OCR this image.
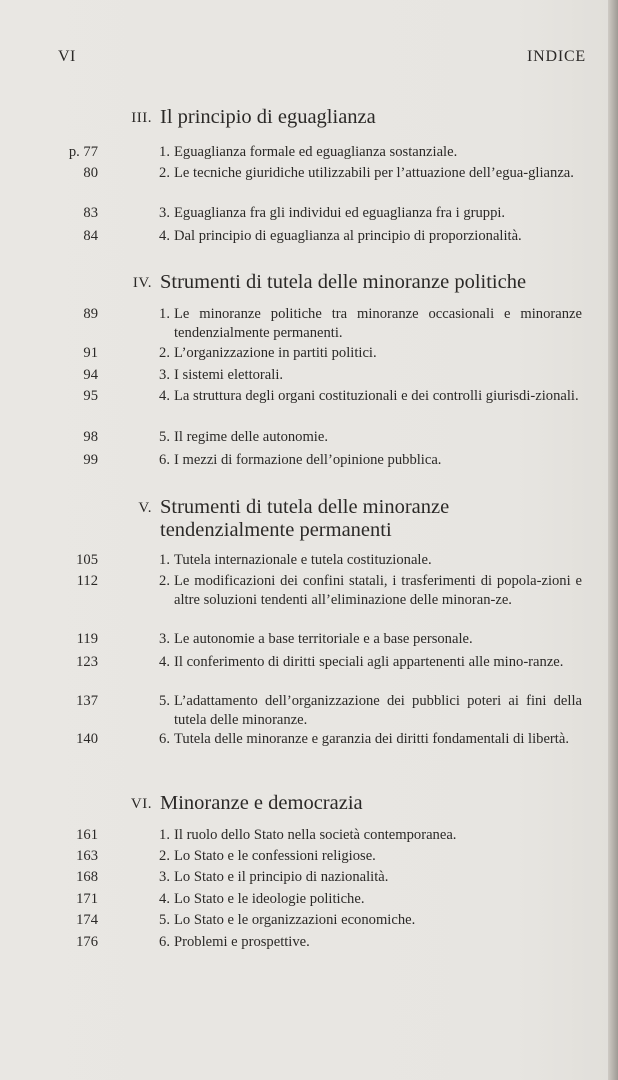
VI	INDICE
III. Il principio di eguaglianza
p. 77	1. Eguaglianza formale ed eguaglianza sostanziale.
80	2. Le tecniche giuridiche utilizzabili per l’attuazione dell’egua-glianza.
83	3. Eguaglianza fra gli individui ed eguaglianza fra i gruppi.
84	4. Dal principio di eguaglianza al principio di proporzionalità.
IV. Strumenti di tutela delle minoranze politiche
89	1. Le minoranze politiche tra minoranze occasionali e minoranze tendenzialmente permanenti.
91	2. L’organizzazione in partiti politici.
94	3. I sistemi elettorali.
95	4. La struttura degli organi costituzionali e dei controlli giurisdi-zionali.
98	5. Il regime delle autonomie.
99	6. I mezzi di formazione dell’opinione pubblica.
V. Strumenti di tutela delle minoranze tendenzialmente permanenti
105	1. Tutela internazionale e tutela costituzionale.
112	2. Le modificazioni dei confini statali, i trasferimenti di popola-zioni e altre soluzioni tendenti all’eliminazione delle minoran-ze.
119	3. Le autonomie a base territoriale e a base personale.
123	4. Il conferimento di diritti speciali agli appartenenti alle mino-ranze.
137	5. L’adattamento dell’organizzazione dei pubblici poteri ai fini della tutela delle minoranze.
140	6. Tutela delle minoranze e garanzia dei diritti fondamentali di libertà.
VI. Minoranze e democrazia
161	1. Il ruolo dello Stato nella società contemporanea.
163	2. Lo Stato e le confessioni religiose.
168	3. Lo Stato e il principio di nazionalità.
171	4. Lo Stato e le ideologie politiche.
174	5. Lo Stato e le organizzazioni economiche.
176	6. Problemi e prospettive.
